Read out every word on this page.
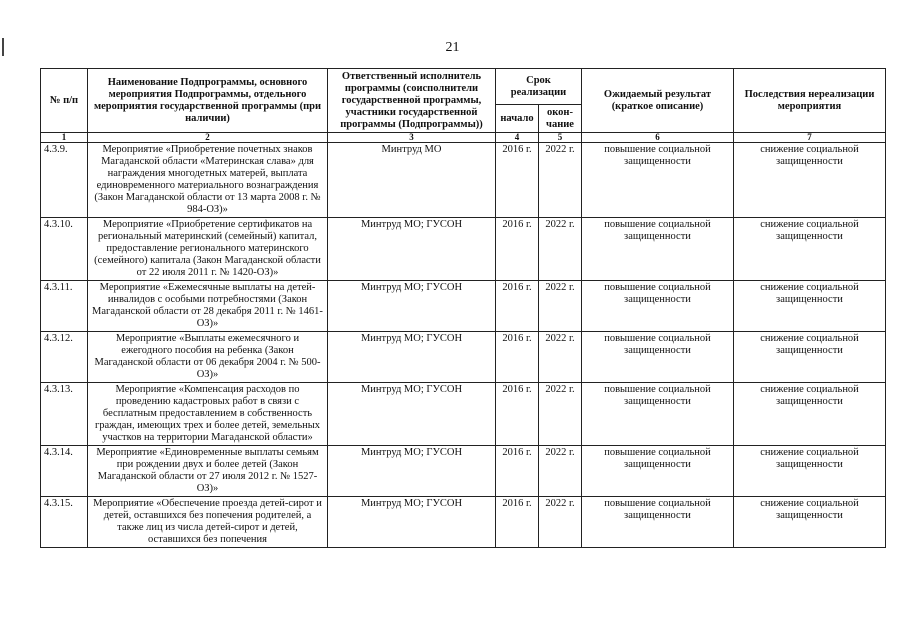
21
№ п/п	Наименование Подпрограммы, основного мероприятия Подпрограммы, отдельного мероприятия государственной программы (при наличии)	Ответственный исполнитель программы (соисполнители государственной программы, участники государственной программы (Подпрограммы))	Срок реализации		Ожидаемый результат (краткое описание)	Последствия нереализации мероприятия
			начало	окон-чание		
1	2	3	4	5	6	7
4.3.9.	Мероприятие «Приобретение почетных знаков Магаданской области «Материнская слава» для награждения многодетных матерей, выплата единовременного материального вознаграждения (Закон Магаданской области от 13 марта 2008 г. № 984-ОЗ)»	Минтруд МО	2016 г.	2022 г.	повышение социальной защищенности	снижение социальной защищенности
4.3.10.	Мероприятие «Приобретение сертификатов на региональный материнский (семейный) капитал, предоставление регионального материнского (семейного) капитала (Закон Магаданской области от 22 июля 2011 г. № 1420-ОЗ)»	Минтруд МО; ГУСОН	2016 г.	2022 г.	повышение социальной защищенности	снижение социальной защищенности
4.3.11.	Мероприятие «Ежемесячные выплаты на детей-инвалидов с особыми потребностями (Закон Магаданской области от 28 декабря 2011 г. № 1461-ОЗ)»	Минтруд МО; ГУСОН	2016 г.	2022 г.	повышение социальной защищенности	снижение социальной защищенности
4.3.12.	Мероприятие «Выплаты ежемесячного и ежегодного пособия на ребенка (Закон Магаданской области от 06 декабря 2004 г. № 500-ОЗ)»	Минтруд МО; ГУСОН	2016 г.	2022 г.	повышение социальной защищенности	снижение социальной защищенности
4.3.13.	Мероприятие «Компенсация расходов по проведению кадастровых работ в связи с бесплатным предоставлением в собственность граждан, имеющих трех и более детей, земельных участков на территории Магаданской области»	Минтруд МО; ГУСОН	2016 г.	2022 г.	повышение социальной защищенности	снижение социальной защищенности
4.3.14.	Мероприятие «Единовременные выплаты семьям при рождении двух и более детей (Закон Магаданской области от 27 июля 2012 г. № 1527-ОЗ)»	Минтруд МО; ГУСОН	2016 г.	2022 г.	повышение социальной защищенности	снижение социальной защищенности
4.3.15.	Мероприятие «Обеспечение проезда детей-сирот и детей, оставшихся без попечения родителей, а также лиц из числа детей-сирот и детей, оставшихся без попечения	Минтруд МО; ГУСОН	2016 г.	2022 г.	повышение социальной защищенности	снижение социальной защищенности
